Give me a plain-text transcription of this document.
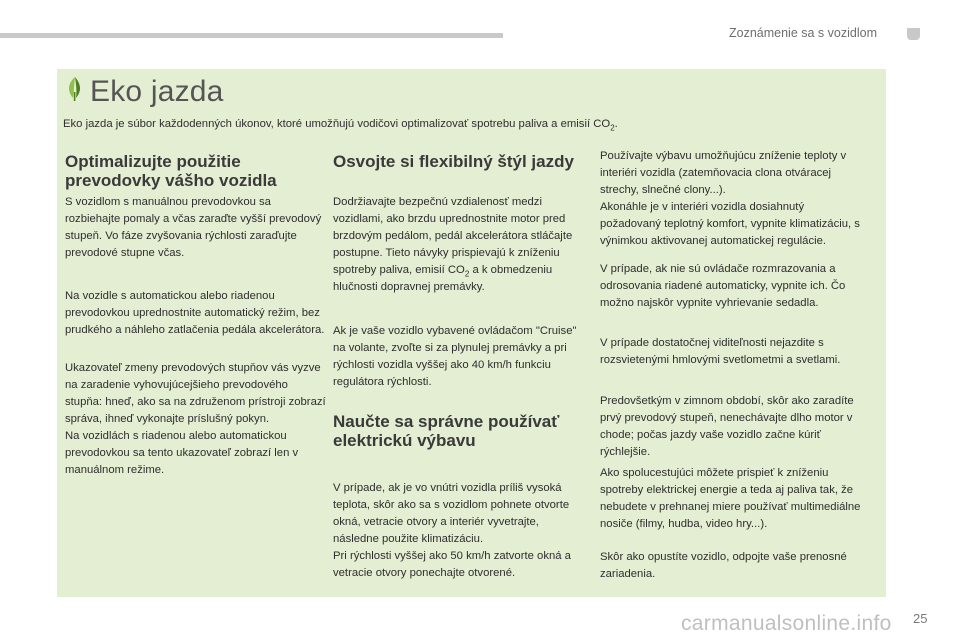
Zoznámenie sa s vozidlom
Eko jazda

Eko jazda je súbor každodenných úkonov, ktoré umožňujú vodičovi optimalizovať spotrebu paliva a emisií $CO_2$.

Optimalizujte použitie prevodovky vášho vozidla

S vozidlom s manuálnou prevodovkou sa rozbiehajte pomaly a včas zaraďte vyšší prevodový stupeň. Vo fáze zvyšovania rýchlosti zaraďujte prevodové stupne včas.

Na vozidle s automatickou alebo riadenou prevodovkou uprednostnite automatický režim, bez prudkého a náhleho zatlačenia pedála akcelerátora.

Ukazovateľ zmeny prevodových stupňov vás vyzve na zaradenie vyhovujúcejšieho prevodového stupňa: hneď, ako sa na združenom prístroji zobrazí správa, ihneď vykonajte príslušný pokyn.

Na vozidlách s riadenou alebo automatickou prevodovkou sa tento ukazovateľ zobrazí len v manuálnom režime.

Osvojte si flexibilný štýl jazdy

Dodržiavajte bezpečnú vzdialenosť medzi vozidlami, ako brzdu uprednostnite motor pred brzdovým pedálom, pedál akcelerátora stláčajte postupne. Tieto návyky prispievajú k zníženiu spotreby paliva, emisií $CO_2$ a k obmedzeniu hlučnosti dopravnej premávky.

Ak je vaše vozidlo vybavené ovládačom "Cruise" na volante, zvoľte si za plynulej premávky a pri rýchlosti vozidla vyššej ako 40 km/h funkciu regulátora rýchlosti.

Naučte sa správne používať elektrickú výbavu

V prípade, ak je vo vnútri vozidla príliš vysoká teplota, skôr ako sa s vozidlom pohnete otvorte okná, vetracie otvory a interiér vyvetrajte, následne použite klimatizáciu.

Pri rýchlosti vyššej ako 50 km/h zatvorte okná a vetracie otvory ponechajte otvorené.

Používajte výbavu umožňujúcu zníženie teploty v interiéri vozidla (zatemňovacia clona otváracej strechy, slnečné clony...).

Akonáhle je v interiéri vozidla dosiahnutý požadovaný teplotný komfort, vypnite klimatizáciu, s výnimkou aktivovanej automatickej regulácie.

V prípade, ak nie sú ovládače rozmrazovania a odrosovania riadené automaticky, vypnite ich. Čo možno najskôr vypnite vyhrievanie sedadla.

V prípade dostatočnej viditeľnosti nejazdite s rozsvietenými hmlovými svetlometmi a svetlami.

Predovšetkým v zimnom období, skôr ako zaradíte prvý prevodový stupeň, nenechávajte dlho motor v chode; počas jazdy vaše vozidlo začne kúriť rýchlejšie.

Ako spolucestujúci môžete prispieť k zníženiu spotreby elektrickej energie a teda aj paliva tak, že nebudete v prehnanej miere používať multimediálne nosiče (filmy, hudba, video hry...).

Skôr ako opustíte vozidlo, odpojte vaše prenosné zariadenia.

carmanualsonline.info 25
